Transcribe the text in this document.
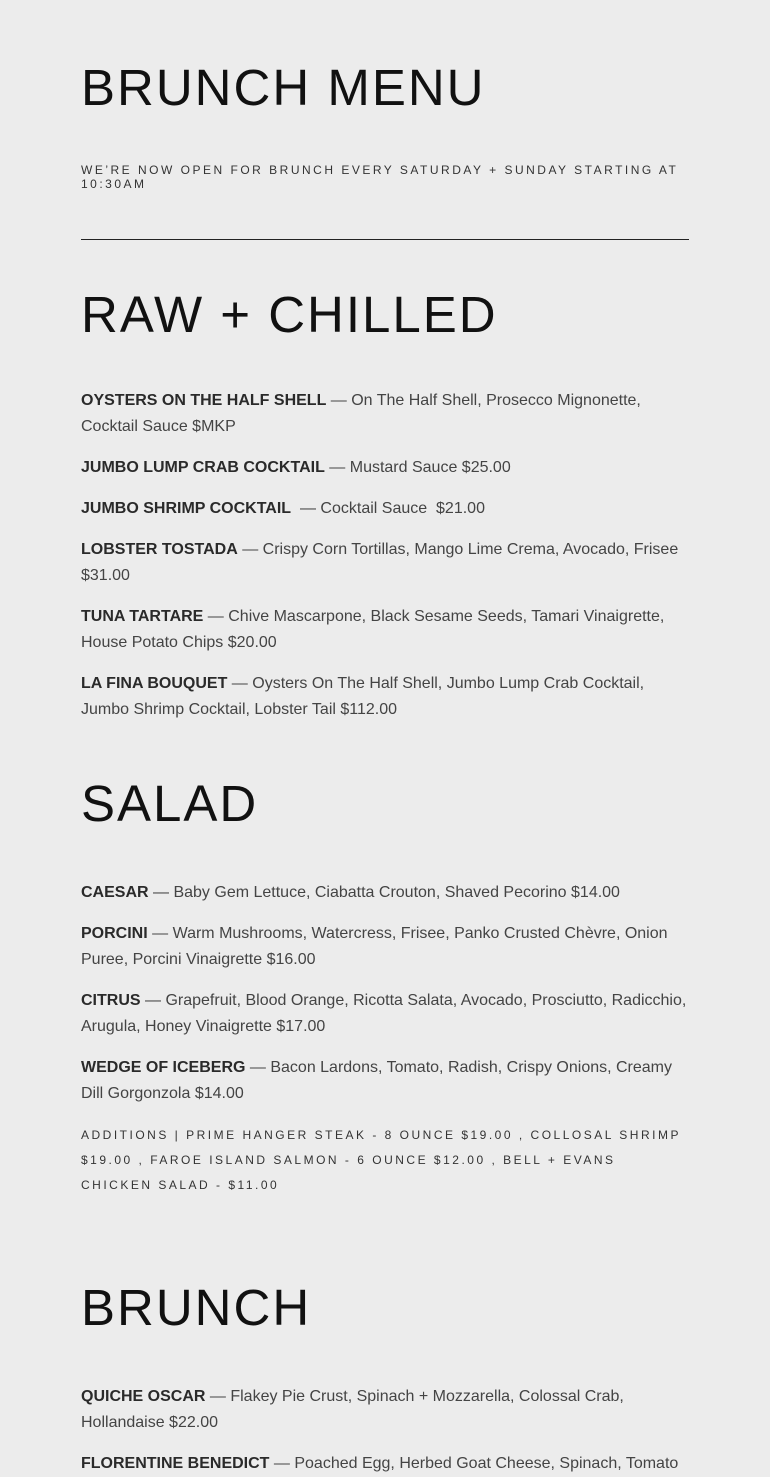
BRUNCH MENU
WE’RE NOW OPEN FOR BRUNCH EVERY SATURDAY + SUNDAY STARTING AT 10:30AM
RAW + CHILLED

OYSTERS ON THE HALF SHELL — On The Half Shell, Prosecco Mignonette, Cocktail Sauce $MKP

JUMBO LUMP CRAB COCKTAIL — Mustard Sauce $25.00

JUMBO SHRIMP COCKTAIL  — Cocktail Sauce  $21.00

LOBSTER TOSTADA — Crispy Corn Tortillas, Mango Lime Crema, Avocado, Frisee $31.00

TUNA TARTARE — Chive Mascarpone, Black Sesame Seeds, Tamari Vinaigrette, House Potato Chips $20.00

LA FINA BOUQUET — Oysters On The Half Shell, Jumbo Lump Crab Cocktail, Jumbo Shrimp Cocktail, Lobster Tail $112.00

SALAD

CAESAR — Baby Gem Lettuce, Ciabatta Crouton, Shaved Pecorino $14.00

PORCINI — Warm Mushrooms, Watercress, Frisee, Panko Crusted Chèvre, Onion Puree, Porcini Vinaigrette $16.00

CITRUS — Grapefruit, Blood Orange, Ricotta Salata, Avocado, Prosciutto, Radicchio, Arugula, Honey Vinaigrette $17.00

WEDGE OF ICEBERG — Bacon Lardons, Tomato, Radish, Crispy Onions, Creamy Dill Gorgonzola $14.00

ADDITIONS | PRIME HANGER STEAK - 8 OUNCE $19.00 , COLLOSAL SHRIMP $19.00 , FAROE ISLAND SALMON - 6 OUNCE $12.00 , BELL + EVANS CHICKEN SALAD - $11.00

BRUNCH

QUICHE OSCAR — Flakey Pie Crust, Spinach + Mozzarella, Colossal Crab, Hollandaise $22.00

FLORENTINE BENEDICT — Poached Egg, Herbed Goat Cheese, Spinach, Tomato
